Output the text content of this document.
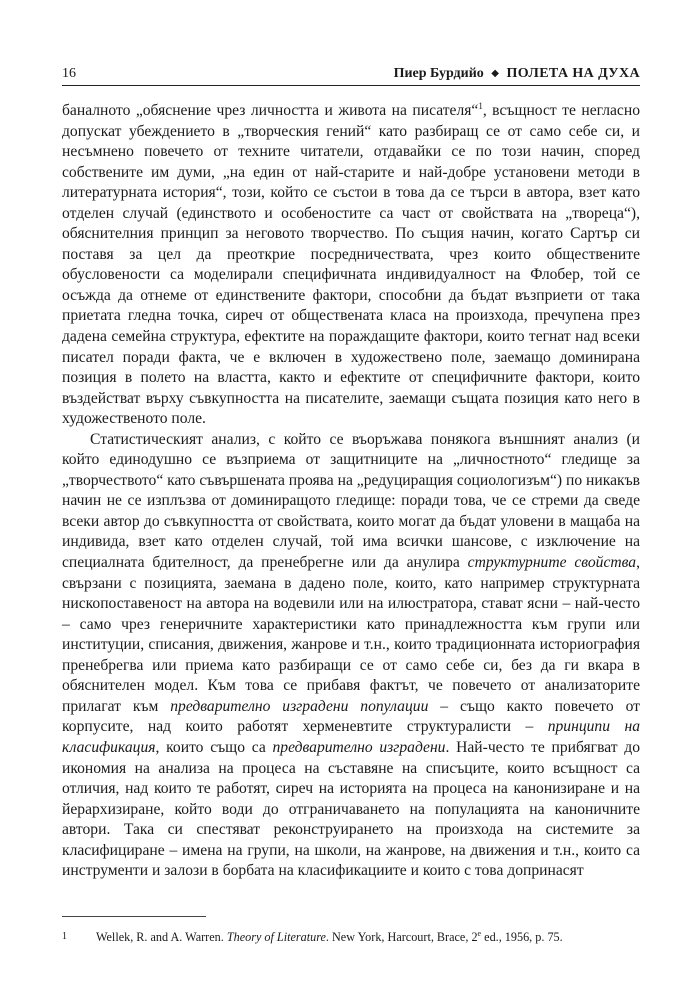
16	Пиер Бурдийо ◆ ПОЛЕТА НА ДУХА

баналното „обяснение чрез личността и живота на писателя“$^1$, всъщност те негласно допускат убеждението в „творческия гений“ като разбиращ се от само себе си, и несъмнено повечето от техните читатели, отдавайки се по този начин, според собствените им думи, „на един от най-старите и най-добре установени методи в литературната история“, този, който се състои в това да се търси в автора, взет като отделен случай (единството и особеностите са част от свойствата на „твореца“), обяснителния принцип за неговото творчество. По същия начин, когато Сартър си поставя за цел да преоткрие посредничествата, чрез които обществените обусловености са моделирали специфичната индивидуалност на Флобер, той се осъжда да отнеме от единствените фактори, способни да бъдат възприети от така приетата гледна точка, сиреч от обществената класа на произхода, пречупена през дадена семейна структура, ефектите на пораждащите фактори, които тегнат над всеки писател поради факта, че е включен в художествено поле, заемащо доминирана позиция в полето на властта, както и ефектите от специфичните фактори, които въздействат върху съвкупността на писателите, заемащи същата позиция като него в художественото поле.

Статистическият анализ, с който се въоръжава понякога външният анализ (и който единодушно се възприема от защитниците на „личностното“ гледище за „творчеството“ като съвършената проява на „редуциращия социологизъм“) по никакъв начин не се изплъзва от доминиращото гледище: поради това, че се стреми да сведе всеки автор до съвкупността от свойствата, които могат да бъдат уловени в мащаба на индивида, взет като отделен случай, той има всички шансове, с изключение на специалната бдителност, да пренебрегне или да анулира структурните свойства, свързани с позицията, заемана в дадено поле, които, като например структурната нископоставеност на автора на водевили или на илюстратора, стават ясни – най-често – само чрез генеричните характеристики като принадлежността към групи или институции, списания, движения, жанрове и т.н., които традиционната историография пренебрегва или приема като разбиращи се от само себе си, без да ги вкара в обяснителен модел. Към това се прибавя фактът, че повечето от анализаторите прилагат към предварително изградени популации – също както повечето от корпусите, над които работят херменевтите структуралисти – принципи на класификация, които също са предварително изградени. Най-често те прибягват до икономия на анализа на процеса на съставяне на списъците, които всъщност са отличия, над които те работят, сиреч на историята на процеса на канонизиране и на йерархизиране, който води до отграничаването на популацията на каноничните автори. Така си спестяват реконструирането на произхода на системите за класифициране – имена на групи, на школи, на жанрове, на движения и т.н., които са инструменти и залози в борбата на класификациите и които с това допринасят

1 Wellek, R. and A. Warren. Theory of Literature. New York, Harcourt, Brace, 2e ed., 1956, p. 75.
